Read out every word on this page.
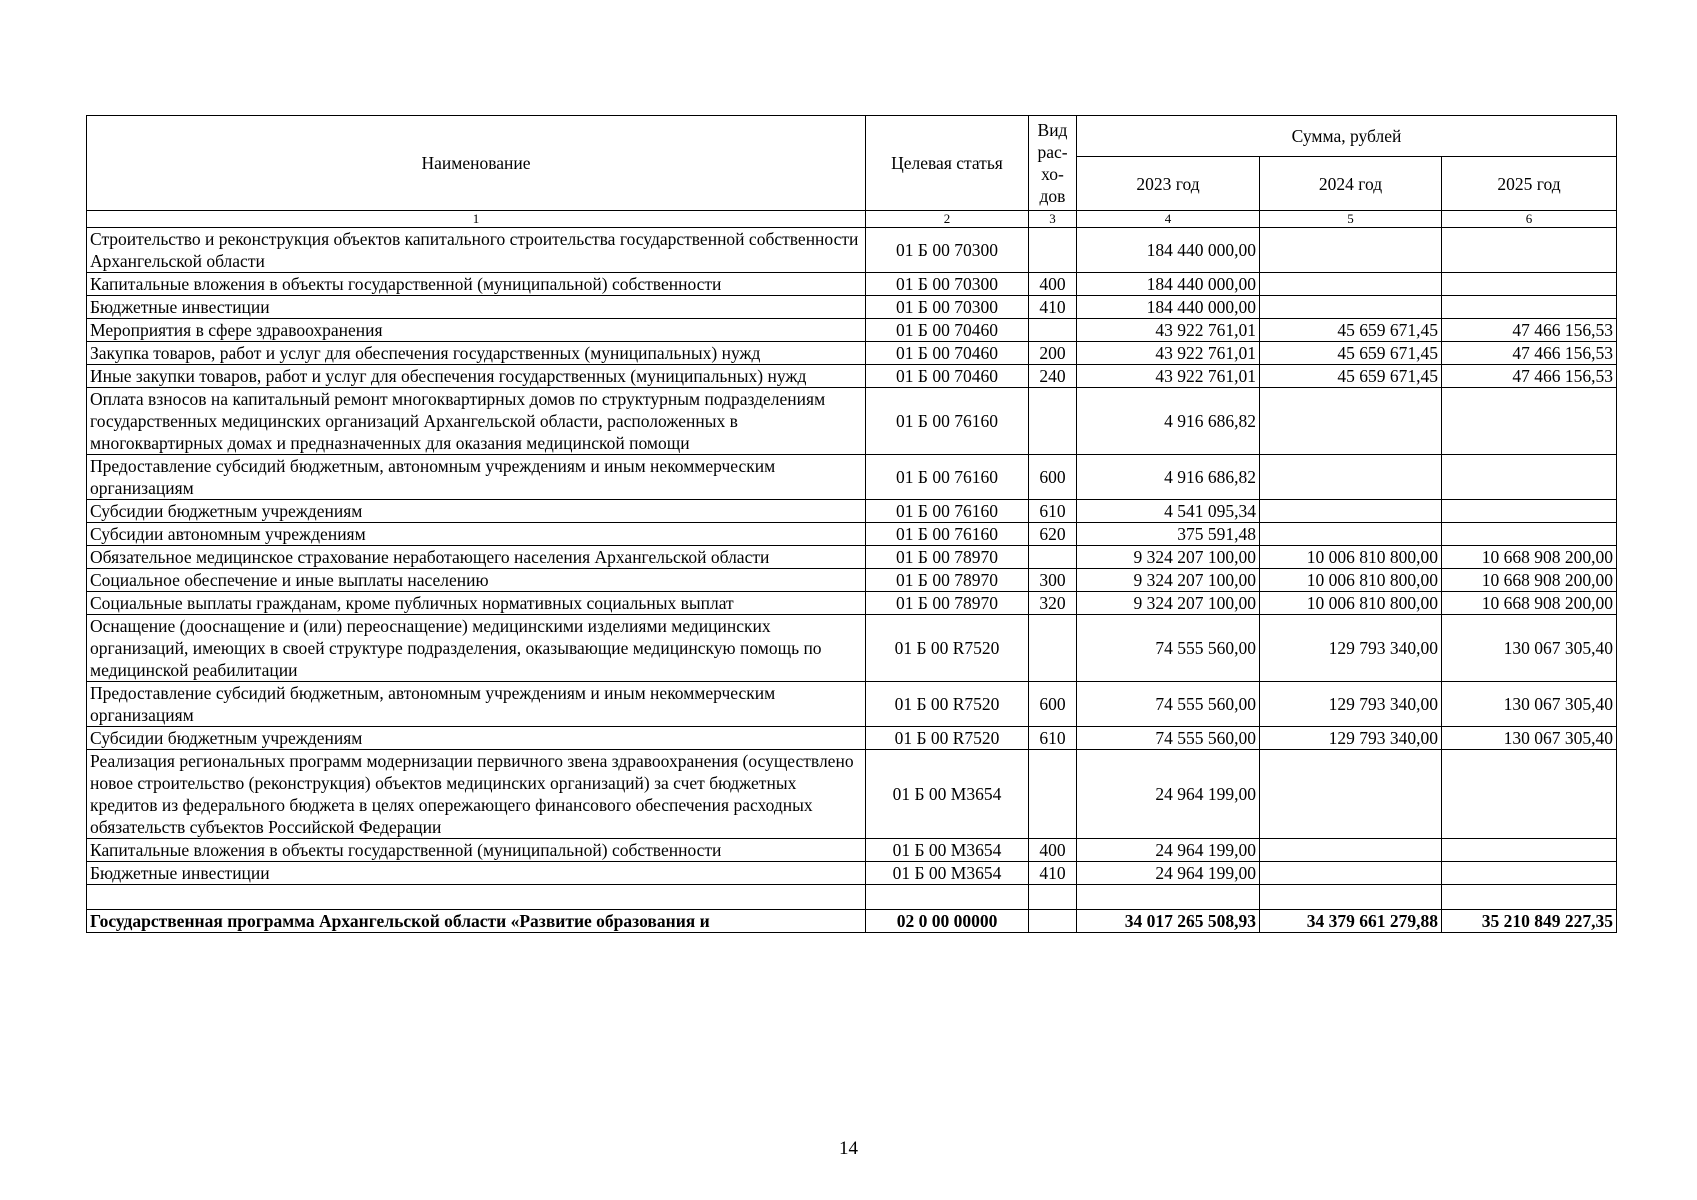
Наименование	Целевая статья	Вид
рас-
хо-
дов	Сумма, рублей		
			2023 год	2024 год	2025 год
1	2	3	4	5	6
Строительство и реконструкция объектов капитального строительства государственной собственности Архангельской области	01 Б 00 70300		184 440 000,00		
Капитальные вложения в объекты государственной (муниципальной) собственности	01 Б 00 70300	400	184 440 000,00		
Бюджетные инвестиции	01 Б 00 70300	410	184 440 000,00		
Мероприятия в сфере здравоохранения	01 Б 00 70460		43 922 761,01	45 659 671,45	47 466 156,53
Закупка товаров, работ и услуг для обеспечения государственных (муниципальных) нужд	01 Б 00 70460	200	43 922 761,01	45 659 671,45	47 466 156,53
Иные закупки товаров, работ и услуг для обеспечения государственных (муниципальных) нужд	01 Б 00 70460	240	43 922 761,01	45 659 671,45	47 466 156,53
Оплата взносов на капитальный ремонт многоквартирных домов по структурным подразделениям государственных медицинских организаций Архангельской области, расположенных в многоквартирных домах и предназначенных для оказания медицинской помощи	01 Б 00 76160		4 916 686,82		
Предоставление субсидий бюджетным, автономным учреждениям и иным некоммерческим организациям	01 Б 00 76160	600	4 916 686,82		
Субсидии бюджетным учреждениям	01 Б 00 76160	610	4 541 095,34		
Субсидии автономным учреждениям	01 Б 00 76160	620	375 591,48		
Обязательное медицинское страхование неработающего населения Архангельской области	01 Б 00 78970		9 324 207 100,00	10 006 810 800,00	10 668 908 200,00
Социальное обеспечение и иные выплаты населению	01 Б 00 78970	300	9 324 207 100,00	10 006 810 800,00	10 668 908 200,00
Социальные выплаты гражданам, кроме публичных нормативных социальных выплат	01 Б 00 78970	320	9 324 207 100,00	10 006 810 800,00	10 668 908 200,00
Оснащение (дооснащение и (или) переоснащение) медицинскими изделиями медицинских организаций, имеющих в своей структуре подразделения, оказывающие медицинскую помощь по медицинской реабилитации	01 Б 00 R7520		74 555 560,00	129 793 340,00	130 067 305,40
Предоставление субсидий бюджетным, автономным учреждениям и иным некоммерческим организациям	01 Б 00 R7520	600	74 555 560,00	129 793 340,00	130 067 305,40
Субсидии бюджетным учреждениям	01 Б 00 R7520	610	74 555 560,00	129 793 340,00	130 067 305,40
Реализация региональных программ модернизации первичного звена здравоохранения (осуществлено новое строительство (реконструкция) объектов медицинских организаций) за счет бюджетных кредитов из федерального бюджета в целях опережающего финансового обеспечения расходных обязательств субъектов Российской Федерации	01 Б 00 М3654		24 964 199,00		
Капитальные вложения в объекты государственной (муниципальной) собственности	01 Б 00 М3654	400	24 964 199,00		
Бюджетные инвестиции	01 Б 00 М3654	410	24 964 199,00		

Государственная программа Архангельской области «Развитие образования и	02 0 00 00000		34 017 265 508,93	34 379 661 279,88	35 210 849 227,35
14
